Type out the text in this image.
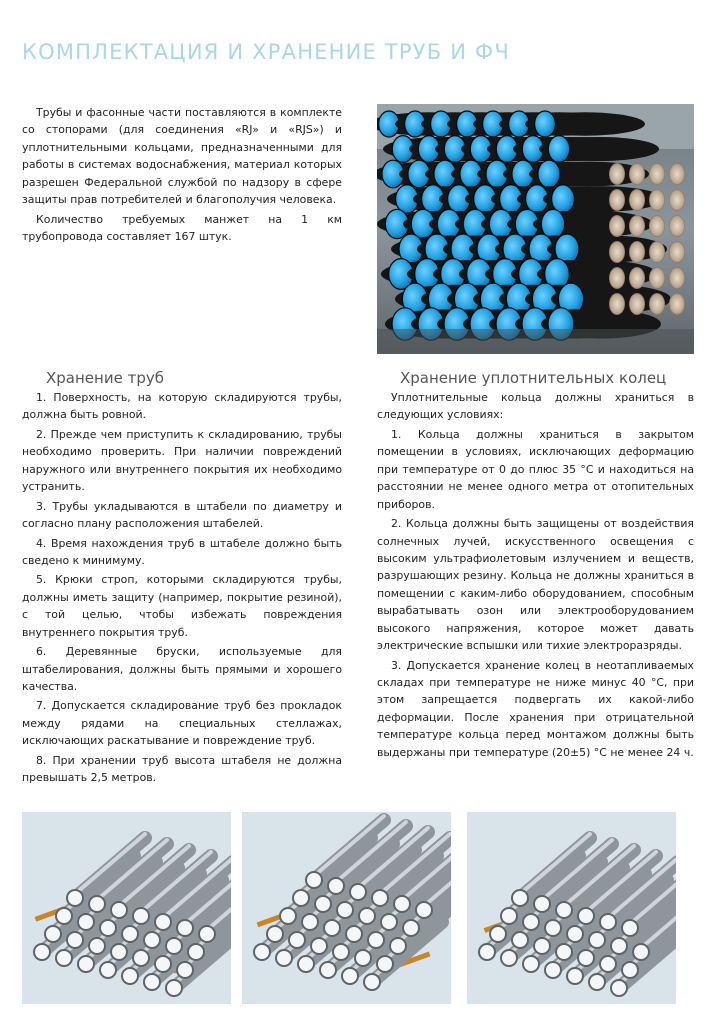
КОМПЛЕКТАЦИЯ И ХРАНЕНИЕ ТРУБ И ФЧ

Трубы и фасонные части поставляются в комплекте со стопорами (для соединения «RJ» и «RJS») и уплотнительными кольцами, предназначенными для работы в системах водоснабжения, материал которых разрешен Федеральной службой по надзору в сфере защиты прав потребителей и благополучия человека.

Количество требуемых манжет на 1 км трубопровода составляет 167 штук.

Хранение труб	Хранение уплотнительных колец

1. Поверхность, на которую складируются трубы, должна быть ровной.

2. Прежде чем приступить к складированию, трубы необходимо проверить. При наличии повреждений наружного или внутреннего покрытия их необходимо устранить.

3. Трубы укладываются в штабели по диаметру и согласно плану расположения штабелей.

4. Время нахождения труб в штабеле должно быть сведено к минимуму.

5. Крюки строп, которыми складируются трубы, должны иметь защиту (например, покрытие резиной), с той целью, чтобы избежать повреждения внутреннего покрытия труб.

6. Деревянные бруски, используемые для штабелирования, должны быть прямыми и хорошего качества.

7. Допускается складирование труб без прокладок между рядами на специальных стеллажах, исключающих раскатывание и повреждение труб.

8. При хранении труб высота штабеля не должна превышать 2,5 метров.

Уплотнительные кольца должны храниться в следующих условиях:

1. Кольца должны храниться в закрытом помещении в условиях, исключающих деформацию при температуре от 0 до плюс 35 °С и находиться на расстоянии не менее одного метра от отопительных приборов.

2. Кольца должны быть защищены от воздействия солнечных лучей, искусственного освещения с высоким ультрафиолетовым излучением и веществ, разрушающих резину. Кольца не должны храниться в помещении с каким-либо оборудованием, способным вырабатывать озон или электрооборудованием высокого напряжения, которое может давать электрические вспышки или тихие электроразряды.

3. Допускается хранение колец в неотапливаемых складах при температуре не ниже минус 40 °С, при этом запрещается подвергать их какой-либо деформации. После хранения при отрицательной температуре кольца перед монтажом должны быть выдержаны при температуре (20±5) °С не менее 24 ч.
